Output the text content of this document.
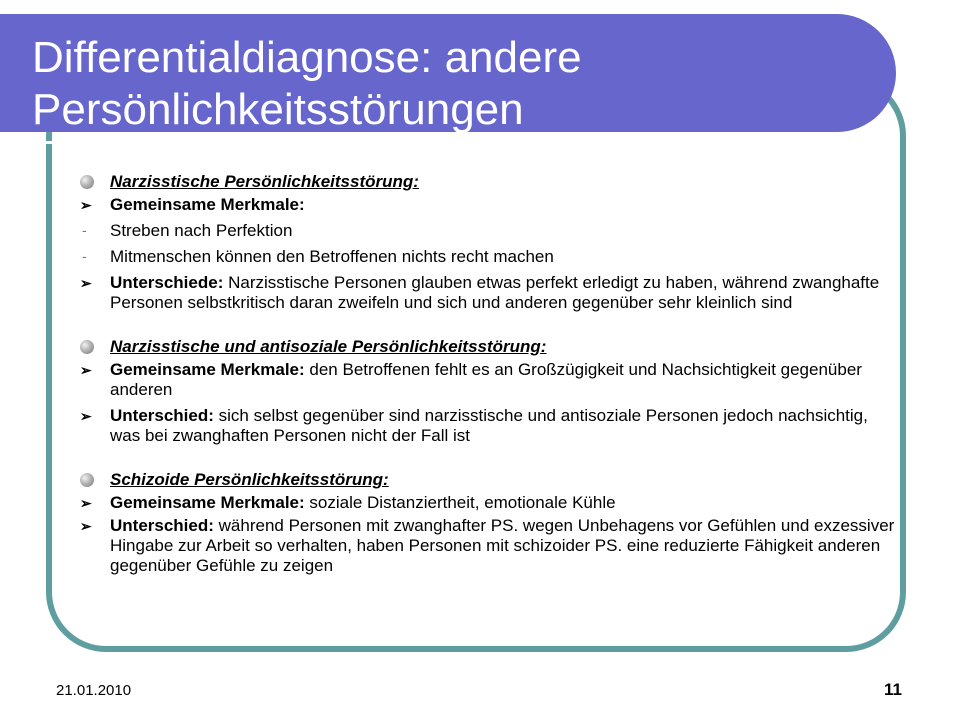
Differentialdiagnose: andere Persönlichkeitsstörungen
Narzisstische Persönlichkeitsstörung:
➢ Gemeinsame Merkmale:
- Streben nach Perfektion
- Mitmenschen können den Betroffenen nichts recht machen
➢ Unterschiede: Narzisstische Personen glauben etwas perfekt erledigt zu haben, während zwanghafte Personen selbstkritisch daran zweifeln und sich und anderen gegenüber sehr kleinlich sind
Narzisstische und antisoziale Persönlichkeitsstörung:
➢ Gemeinsame Merkmale: den Betroffenen fehlt es an Großzügigkeit und Nachsichtigkeit gegenüber anderen
➢ Unterschied: sich selbst gegenüber sind narzisstische und antisoziale Personen jedoch nachsichtig, was bei zwanghaften Personen nicht der Fall ist
Schizoide Persönlichkeitsstörung:
➢ Gemeinsame Merkmale: soziale Distanziertheit, emotionale Kühle
➢ Unterschied: während Personen mit zwanghafter PS. wegen Unbehagens vor Gefühlen und exzessiver Hingabe zur Arbeit so verhalten, haben Personen mit schizoider PS. eine reduzierte Fähigkeit anderen gegenüber Gefühle zu zeigen
21.01.2010	11
